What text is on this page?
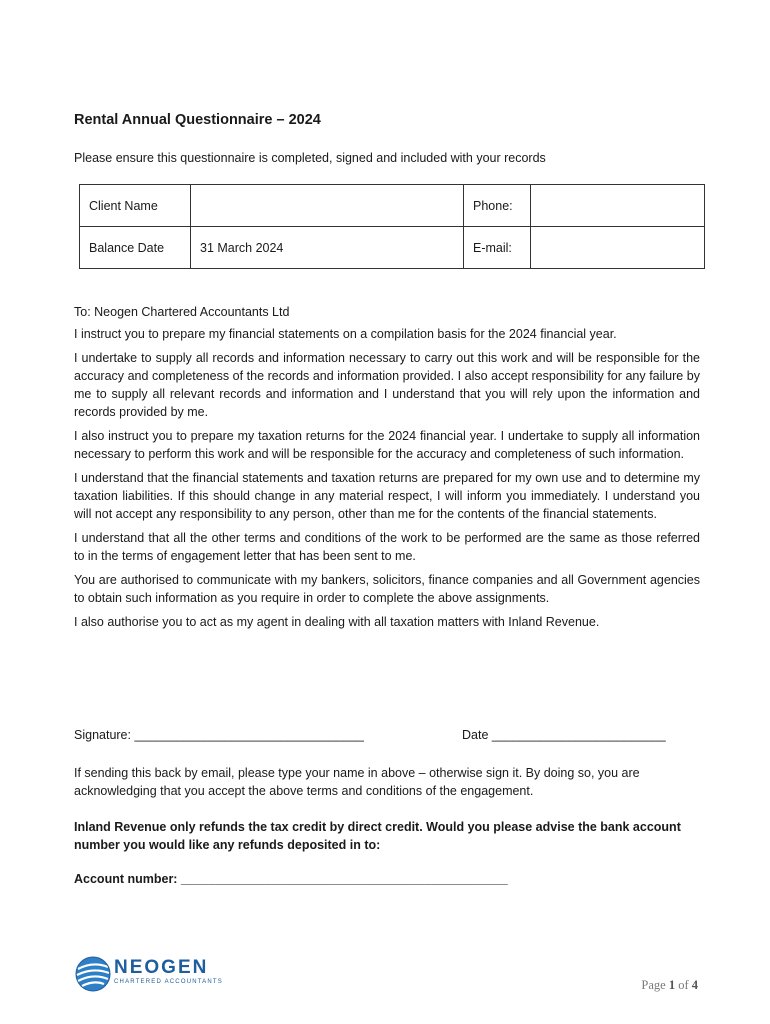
Rental Annual Questionnaire – 2024
Please ensure this questionnaire is completed, signed and included with your records
Client Name		Phone:	
Balance Date	31 March 2024	E-mail:	

To: Neogen Chartered Accountants Ltd

I instruct you to prepare my financial statements on a compilation basis for the 2024 financial year.

I undertake to supply all records and information necessary to carry out this work and will be responsible for the accuracy and completeness of the records and information provided. I also accept responsibility for any failure by me to supply all relevant records and information and I understand that you will rely upon the information and records provided by me.

I also instruct you to prepare my taxation returns for the 2024 financial year. I undertake to supply all information necessary to perform this work and will be responsible for the accuracy and completeness of such information.

I understand that the financial statements and taxation returns are prepared for my own use and to determine my taxation liabilities. If this should change in any material respect, I will inform you immediately. I understand you will not accept any responsibility to any person, other than me for the contents of the financial statements.

I understand that all the other terms and conditions of the work to be performed are the same as those referred to in the terms of engagement letter that has been sent to me.

You are authorised to communicate with my bankers, solicitors, finance companies and all Government agencies to obtain such information as you require in order to complete the above assignments.

I also authorise you to act as my agent in dealing with all taxation matters with Inland Revenue.

Signature: _________________________________	Date _________________________
If sending this back by email, please type your name in above – otherwise sign it. By doing so, you are acknowledging that you accept the above terms and conditions of the engagement.
Inland Revenue only refunds the tax credit by direct credit. Would you please advise the bank account number you would like any refunds deposited in to:
Account number: _______________________________________________
NEOGEN
CHARTERED ACCOUNTANTS	Page 1 of 4
